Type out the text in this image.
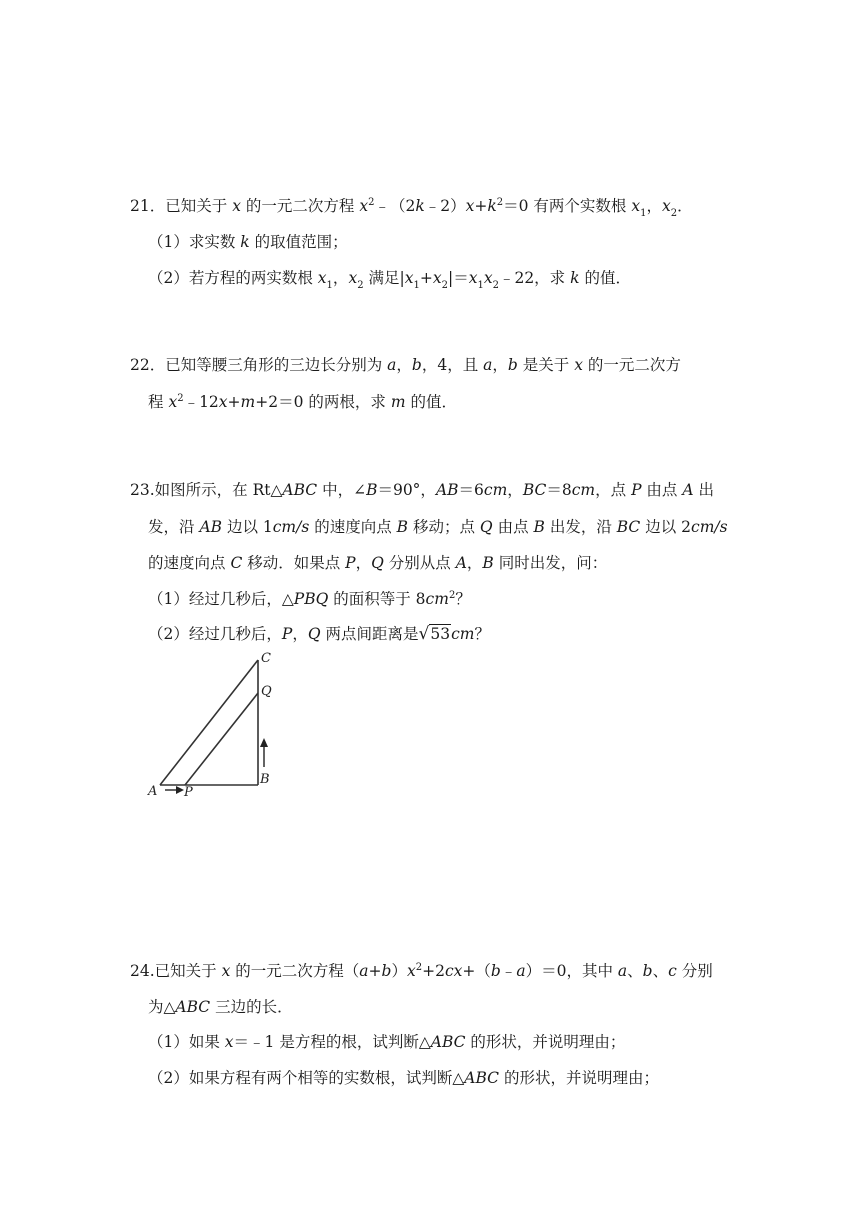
21．已知关于 x 的一元二次方程 $x^2﹣(2k﹣2)x+k^2=0$ 有两个实数根 $x_1$，$x_2$．
（1）求实数 k 的取值范围；
（2）若方程的两实数根 $x_1$，$x_2$ 满足$|x_1+x_2|=x_1x_2﹣22$，求 k 的值．
22．已知等腰三角形的三边长分别为 a，b，4，且 a，b 是关于 x 的一元二次方
程 $x^2﹣12x+m+2=0$ 的两根，求 m 的值．
23.如图所示，在 Rt△ABC 中，∠B＝90°，AB＝6cm，BC＝8cm，点 P 由点 A 出
发，沿 AB 边以 1cm/s 的速度向点 B 移动；点 Q 由点 B 出发，沿 BC 边以 2cm/s
的速度向点 C 移动．如果点 P，Q 分别从点 A，B 同时出发，问：
（1）经过几秒后，△PBQ 的面积等于 $8cm^2$？
（2）经过几秒后，P，Q 两点间距离是√53cm？
C
Q
B
A P
24.已知关于 x 的一元二次方程$(a+b)x^2+2cx+(b﹣a)=0$，其中 a、b、c 分别
为△ABC 三边的长．
（1）如果 x＝﹣1 是方程的根，试判断△ABC 的形状，并说明理由；
（2）如果方程有两个相等的实数根，试判断△ABC 的形状，并说明理由；
